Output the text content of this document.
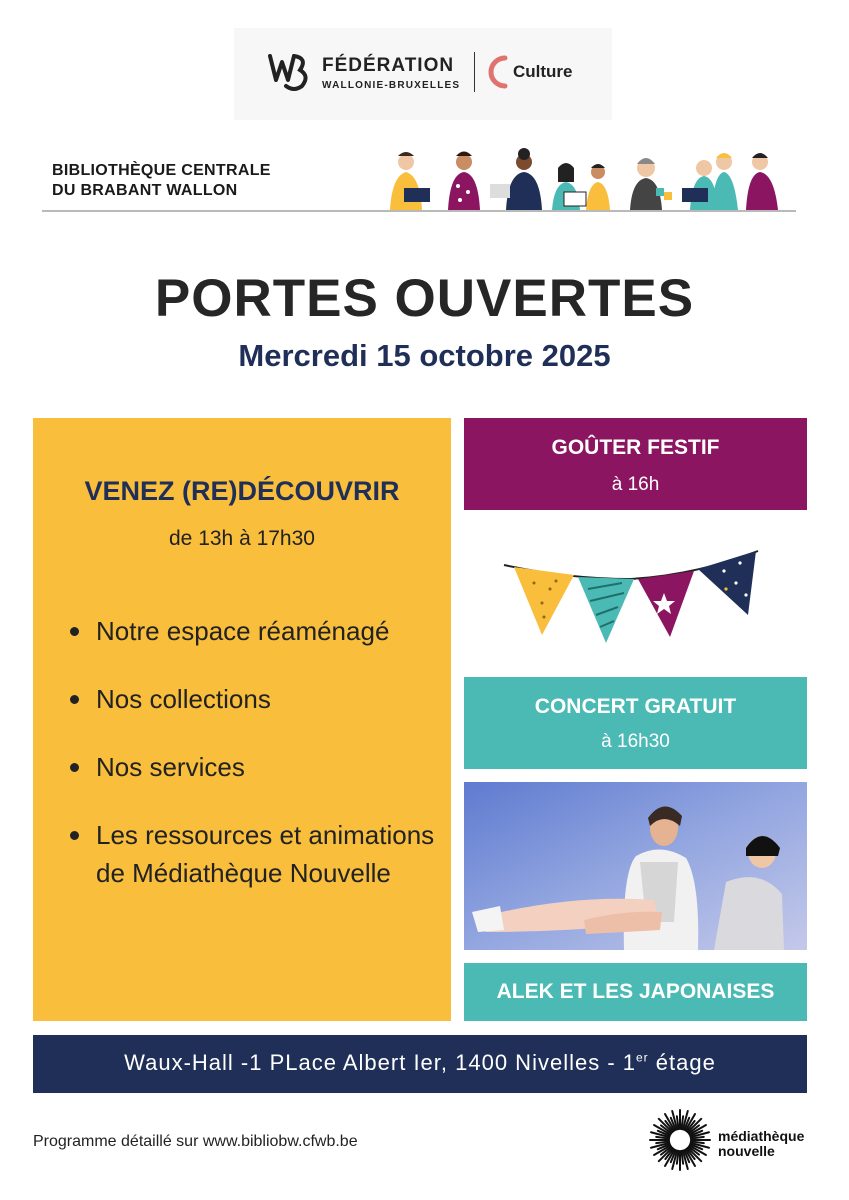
FÉDÉRATION
WALLONIE-BRUXELLES
Culture
BIBLIOTHÈQUE CENTRALE
DU BRABANT WALLON
PORTES OUVERTES
Mercredi 15 octobre 2025
VENEZ (RE)DÉCOUVRIR
de 13h à 17h30
Notre espace réaménagé
Nos collections
Nos services
Les ressources et animations de Médiathèque Nouvelle
GOÛTER FESTIF
à 16h
CONCERT GRATUIT
à 16h30
ALEK ET LES JAPONAISES
Waux-Hall -1 PLace Albert Ier, 1400 Nivelles - 1er étage
Programme détaillé sur www.bibliobw.cfwb.be	médiathèque
nouvelle
